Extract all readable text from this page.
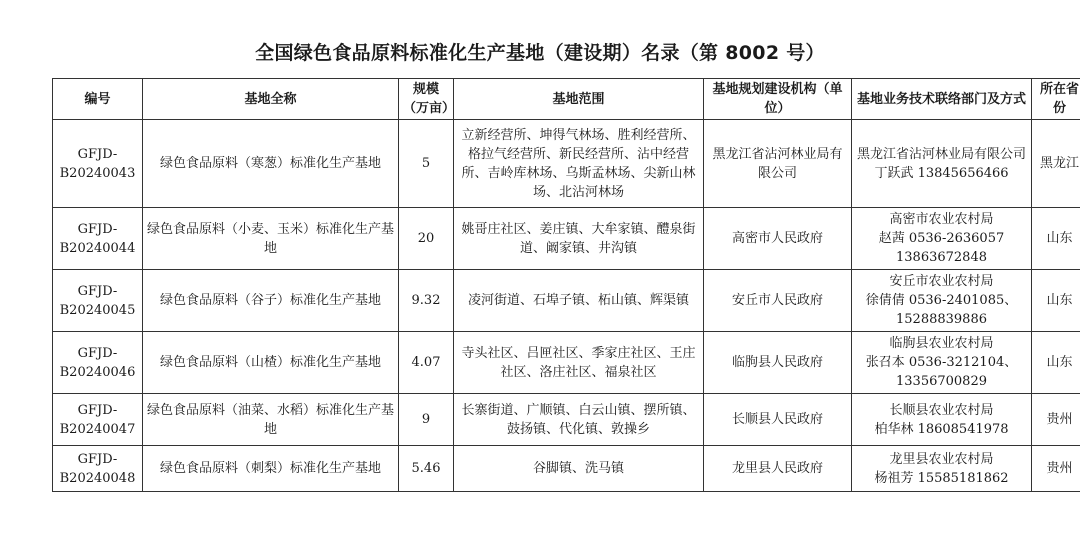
全国绿色食品原料标准化生产基地（建设期）名录（第 8002 号）
编号	基地全称	规模（万亩）	基地范围	基地规划建设机构（单位）	基地业务技术联络部门及方式	所在省份
GFJD-B20240043	绿色食品原料（寒葱）标准化生产基地	5	立新经营所、坤得气林场、胜利经营所、格拉气经营所、新民经营所、沾中经营所、吉岭库林场、乌斯孟林场、尖新山林场、北沾河林场	黑龙江省沾河林业局有限公司	黑龙江省沾河林业局有限公司丁跃武 13845656466	黑龙江
GFJD-B20240044	绿色食品原料（小麦、玉米）标准化生产基地	20	姚哥庄社区、姜庄镇、大牟家镇、醴泉街道、阚家镇、井沟镇	高密市人民政府	高密市农业农村局
赵茜 0536-2636057
13863672848	山东
GFJD-B20240045	绿色食品原料（谷子）标准化生产基地	9.32	凌河街道、石埠子镇、柘山镇、辉渠镇	安丘市人民政府	安丘市农业农村局
徐倩倩 0536-2401085、
15288839886	山东
GFJD-B20240046	绿色食品原料（山楂）标准化生产基地	4.07	寺头社区、吕匣社区、季家庄社区、王庄社区、洛庄社区、福泉社区	临朐县人民政府	临朐县农业农村局
张召本 0536-3212104、
13356700829	山东
GFJD-B20240047	绿色食品原料（油菜、水稻）标准化生产基地	9	长寨街道、广顺镇、白云山镇、摆所镇、鼓扬镇、代化镇、敦操乡	长顺县人民政府	长顺县农业农村局
柏华林 18608541978	贵州
GFJD-B20240048	绿色食品原料（刺梨）标准化生产基地	5.46	谷脚镇、洗马镇	龙里县人民政府	龙里县农业农村局
杨祖芳 15585181862	贵州
